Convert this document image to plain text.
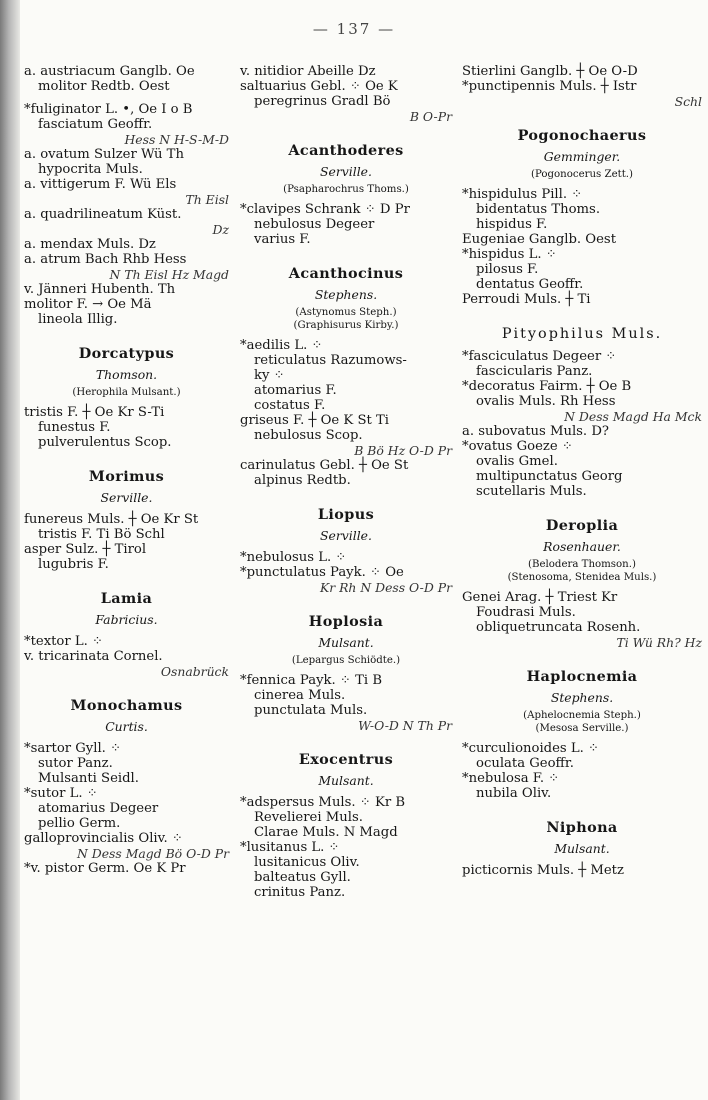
— 137 —
a. austriacum Ganglb. Oe
molitor Redtb. Oest
*fuliginator L. •, Oe I o B
fasciatum Geoffr.
Hess N H-S-M-D
a. ovatum Sulzer Wü Th
hypocrita Muls.
a. vittigerum F. Wü Els
Th Eisl
a. quadrilineatum Küst.
Dz
a. mendax Muls. Dz
a. atrum Bach Rhb Hess
N Th Eisl Hz Magd
v. Jänneri Hubenth. Th
molitor F. → Oe Mä
lineola Illig.
Dorcatypus
Thomson.
(Herophila Mulsant.)
tristis F. ┼ Oe Kr S-Ti
funestus F.
pulverulentus Scop.
Morimus
Serville.
funereus Muls. ┼ Oe Kr St
tristis F. Ti Bö Schl
asper Sulz. ┼ Tirol
lugubris F.
Lamia
Fabricius.
*textor L. ⁘
v. tricarinata Cornel.
Osnabrück
Monochamus
Curtis.
*sartor Gyll. ⁘
sutor Panz.
Mulsanti Seidl.
*sutor L. ⁘
atomarius Degeer
pellio Germ.
galloprovincialis Oliv. ⁘
N Dess Magd Bö O-D Pr
*v. pistor Germ. Oe K Pr
v. nitidior Abeille Dz
saltuarius Gebl. ⁘ Oe K
peregrinus Gradl Bö
B O-Pr
Acanthoderes
Serville.
(Psapharochrus Thoms.)
*clavipes Schrank ⁘ D Pr
nebulosus Degeer
varius F.
Acanthocinus
Stephens.
(Astynomus Steph.)
(Graphisurus Kirby.)
*aedilis L. ⁘
reticulatus Razumows-
ky ⁘
atomarius F.
costatus F.
griseus F. ┼ Oe K St Ti
nebulosus Scop.
B Bö Hz O-D Pr
carinulatus Gebl. ┼ Oe St
alpinus Redtb.
Liopus
Serville.
*nebulosus L. ⁘
*punctulatus Payk. ⁘ Oe
Kr Rh N Dess O-D Pr
Hoplosia
Mulsant.
(Lepargus Schiödte.)
*fennica Payk. ⁘ Ti B
cinerea Muls.
punctulata Muls.
W-O-D N Th Pr
Exocentrus
Mulsant.
*adspersus Muls. ⁘ Kr B
Revelierei Muls.
Clarae Muls. N Magd
*lusitanus L. ⁘
lusitanicus Oliv.
balteatus Gyll.
crinitus Panz.
Stierlini Ganglb. ┼ Oe O-D
*punctipennis Muls. ┼ Istr
Schl
Pogonochaerus
Gemminger.
(Pogonocerus Zett.)
*hispidulus Pill. ⁘
bidentatus Thoms.
hispidus F.
Eugeniae Ganglb. Oest
*hispidus L. ⁘
pilosus F.
dentatus Geoffr.
Perroudi Muls. ┼ Ti
Pityophilus Muls.
*fasciculatus Degeer ⁘
fascicularis Panz.
*decoratus Fairm. ┼ Oe B
ovalis Muls. Rh Hess
N Dess Magd Ha Mck
a. subovatus Muls. D?
*ovatus Goeze ⁘
ovalis Gmel.
multipunctatus Georg
scutellaris Muls.
Deroplia
Rosenhauer.
(Belodera Thomson.)
(Stenosoma, Stenidea Muls.)
Genei Arag. ┼ Triest Kr
Foudrasi Muls.
obliquetruncata Rosenh.
Ti Wü Rh? Hz
Haplocnemia
Stephens.
(Aphelocnemia Steph.)
(Mesosa Serville.)
*curculionoides L. ⁘
oculata Geoffr.
*nebulosa F. ⁘
nubila Oliv.
Niphona
Mulsant.
picticornis Muls. ┼ Metz
